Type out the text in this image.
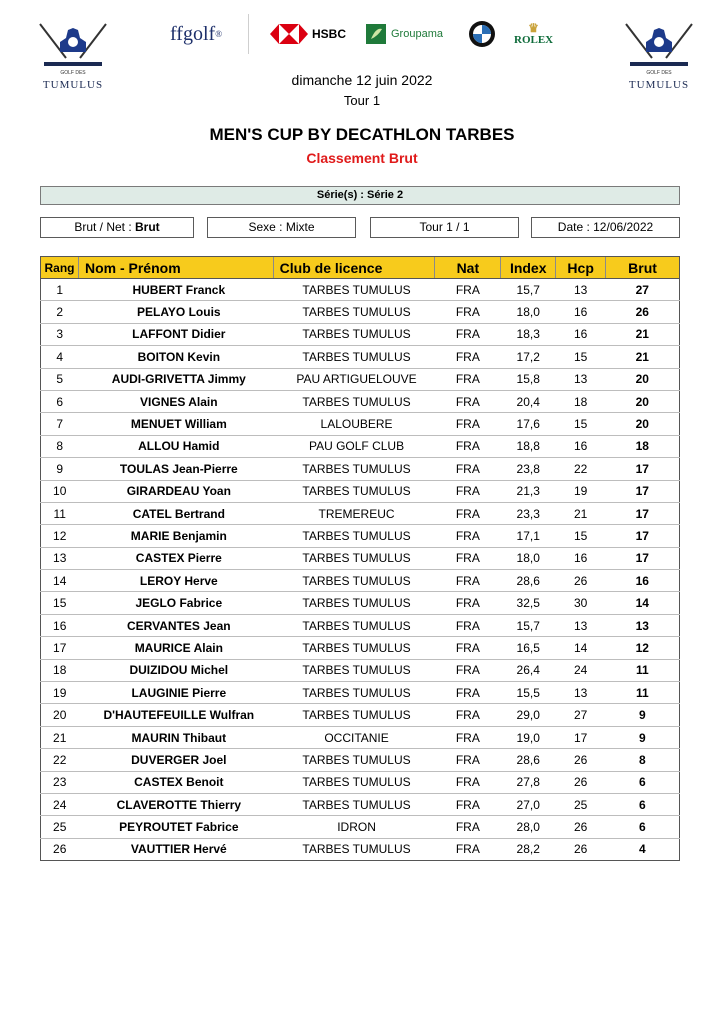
GOLF DES
TUMULUS
GOLF DES
TUMULUS
ffgolf ®	HSBC	Groupama	♛
ROLEX
dimanche 12 juin 2022
Tour 1
MEN'S CUP BY DECATHLON TARBES
Classement Brut
Série(s) : Série 2
Brut / Net : Brut	Sexe : Mixte	Tour 1 / 1	Date : 12/06/2022
Rang	Nom - Prénom	Club de licence	Nat	Index	Hcp	Brut
1	HUBERT Franck	TARBES TUMULUS	FRA	15,7	13	27
2	PELAYO Louis	TARBES TUMULUS	FRA	18,0	16	26
3	LAFFONT Didier	TARBES TUMULUS	FRA	18,3	16	21
4	BOITON Kevin	TARBES TUMULUS	FRA	17,2	15	21
5	AUDI-GRIVETTA Jimmy	PAU ARTIGUELOUVE	FRA	15,8	13	20
6	VIGNES Alain	TARBES TUMULUS	FRA	20,4	18	20
7	MENUET William	LALOUBERE	FRA	17,6	15	20
8	ALLOU Hamid	PAU GOLF CLUB	FRA	18,8	16	18
9	TOULAS Jean-Pierre	TARBES TUMULUS	FRA	23,8	22	17
10	GIRARDEAU Yoan	TARBES TUMULUS	FRA	21,3	19	17
11	CATEL Bertrand	TREMEREUC	FRA	23,3	21	17
12	MARIE Benjamin	TARBES TUMULUS	FRA	17,1	15	17
13	CASTEX Pierre	TARBES TUMULUS	FRA	18,0	16	17
14	LEROY Herve	TARBES TUMULUS	FRA	28,6	26	16
15	JEGLO Fabrice	TARBES TUMULUS	FRA	32,5	30	14
16	CERVANTES Jean	TARBES TUMULUS	FRA	15,7	13	13
17	MAURICE Alain	TARBES TUMULUS	FRA	16,5	14	12
18	DUIZIDOU Michel	TARBES TUMULUS	FRA	26,4	24	11
19	LAUGINIE Pierre	TARBES TUMULUS	FRA	15,5	13	11
20	D'HAUTEFEUILLE Wulfran	TARBES TUMULUS	FRA	29,0	27	9
21	MAURIN Thibaut	OCCITANIE	FRA	19,0	17	9
22	DUVERGER Joel	TARBES TUMULUS	FRA	28,6	26	8
23	CASTEX Benoit	TARBES TUMULUS	FRA	27,8	26	6
24	CLAVEROTTE Thierry	TARBES TUMULUS	FRA	27,0	25	6
25	PEYROUTET Fabrice	IDRON	FRA	28,0	26	6
26	VAUTTIER Hervé	TARBES TUMULUS	FRA	28,2	26	4
